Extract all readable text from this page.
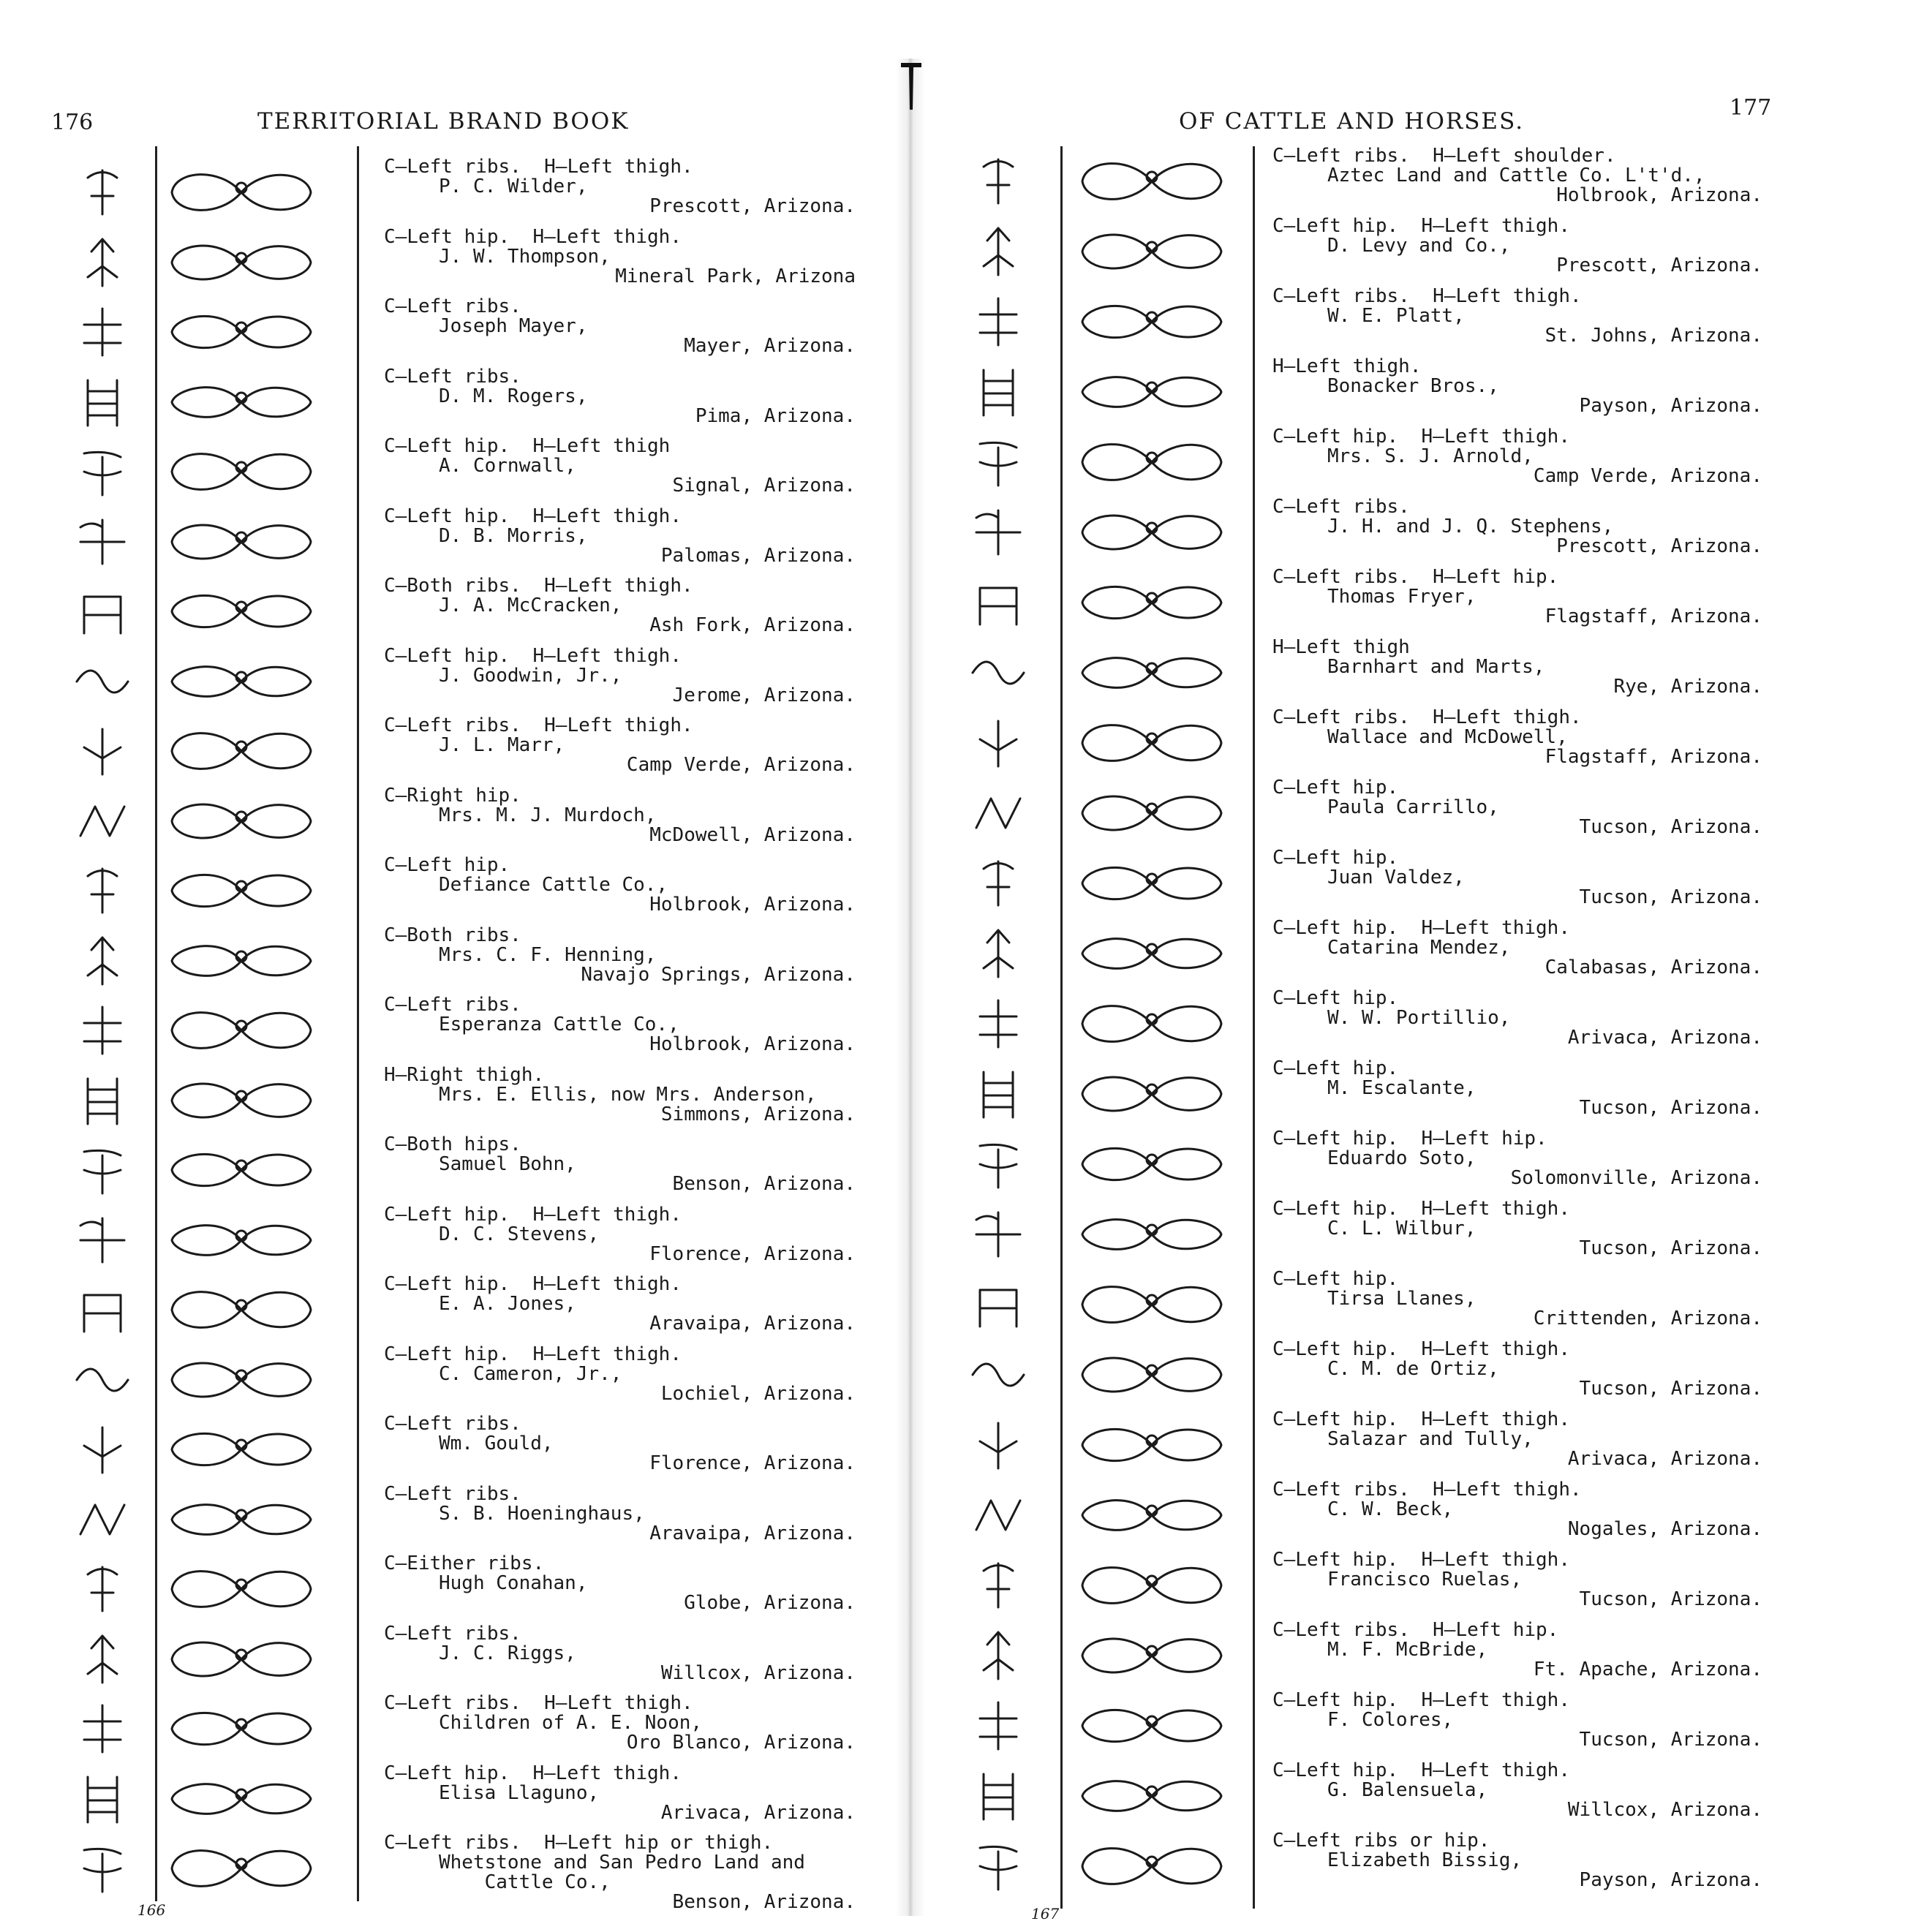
176	TERRITORIAL BRAND BOOK
C—Left ribs.  H—Left thigh.
P. C. Wilder,
Prescott, Arizona.
C—Left hip.  H—Left thigh.
J. W. Thompson,
Mineral Park, Arizona
C—Left ribs.
Joseph Mayer,
Mayer, Arizona.
C—Left ribs.
D. M. Rogers,
Pima, Arizona.
C—Left hip.  H—Left thigh
A. Cornwall,
Signal, Arizona.
C—Left hip.  H—Left thigh.
D. B. Morris,
Palomas, Arizona.
C—Both ribs.  H—Left thigh.
J. A. McCracken,
Ash Fork, Arizona.
C—Left hip.  H—Left thigh.
J. Goodwin, Jr.,
Jerome, Arizona.
C—Left ribs.  H—Left thigh.
J. L. Marr,
Camp Verde, Arizona.
C—Right hip.
Mrs. M. J. Murdoch,
McDowell, Arizona.
C—Left hip.
Defiance Cattle Co.,
Holbrook, Arizona.
C—Both ribs.
Mrs. C. F. Henning,
Navajo Springs, Arizona.
C—Left ribs.
Esperanza Cattle Co.,
Holbrook, Arizona.
H—Right thigh.
Mrs. E. Ellis, now Mrs. Anderson,
Simmons, Arizona.
C—Both hips.
Samuel Bohn,
Benson, Arizona.
C—Left hip.  H—Left thigh.
D. C. Stevens,
Florence, Arizona.
C—Left hip.  H—Left thigh.
E. A. Jones,
Aravaipa, Arizona.
C—Left hip.  H—Left thigh.
C. Cameron, Jr.,
Lochiel, Arizona.
C—Left ribs.
Wm. Gould,
Florence, Arizona.
C—Left ribs.
S. B. Hoeninghaus,
Aravaipa, Arizona.
C—Either ribs.
Hugh Conahan,
Globe, Arizona.
C—Left ribs.
J. C. Riggs,
Willcox, Arizona.
C—Left ribs.  H—Left thigh.
Children of A. E. Noon,
Oro Blanco, Arizona.
C—Left hip.  H—Left thigh.
Elisa Llaguno,
Arivaca, Arizona.
C—Left ribs.  H—Left hip or thigh.
Whetstone and San Pedro Land and
Cattle Co.,
Benson, Arizona.
166
OF CATTLE AND HORSES.
177
C—Left ribs.  H—Left shoulder.
Aztec Land and Cattle Co. L't'd.,
Holbrook, Arizona.
C—Left hip.  H—Left thigh.
D. Levy and Co.,
Prescott, Arizona.
C—Left ribs.  H—Left thigh.
W. E. Platt,
St. Johns, Arizona.
H—Left thigh.
Bonacker Bros.,
Payson, Arizona.
C—Left hip.  H—Left thigh.
Mrs. S. J. Arnold,
Camp Verde, Arizona.
C—Left ribs.
J. H. and J. Q. Stephens,
Prescott, Arizona.
C—Left ribs.  H—Left hip.
Thomas Fryer,
Flagstaff, Arizona.
H—Left thigh
Barnhart and Marts,
Rye, Arizona.
C—Left ribs.  H—Left thigh.
Wallace and McDowell,
Flagstaff, Arizona.
C—Left hip.
Paula Carrillo,
Tucson, Arizona.
C—Left hip.
Juan Valdez,
Tucson, Arizona.
C—Left hip.  H—Left thigh.
Catarina Mendez,
Calabasas, Arizona.
C—Left hip.
W. W. Portillio,
Arivaca, Arizona.
C—Left hip.
M. Escalante,
Tucson, Arizona.
C—Left hip.  H—Left hip.
Eduardo Soto,
Solomonville, Arizona.
C—Left hip.  H—Left thigh.
C. L. Wilbur,
Tucson, Arizona.
C—Left hip.
Tirsa Llanes,
Crittenden, Arizona.
C—Left hip.  H—Left thigh.
C. M. de Ortiz,
Tucson, Arizona.
C—Left hip.  H—Left thigh.
Salazar and Tully,
Arivaca, Arizona.
C—Left ribs.  H—Left thigh.
C. W. Beck,
Nogales, Arizona.
C—Left hip.  H—Left thigh.
Francisco Ruelas,
Tucson, Arizona.
C—Left ribs.  H—Left hip.
M. F. McBride,
Ft. Apache, Arizona.
C—Left hip.  H—Left thigh.
F. Colores,
Tucson, Arizona.
C—Left hip.  H—Left thigh.
G. Balensuela,
Willcox, Arizona.
C—Left ribs or hip.
Elizabeth Bissig,
Payson, Arizona.
167
